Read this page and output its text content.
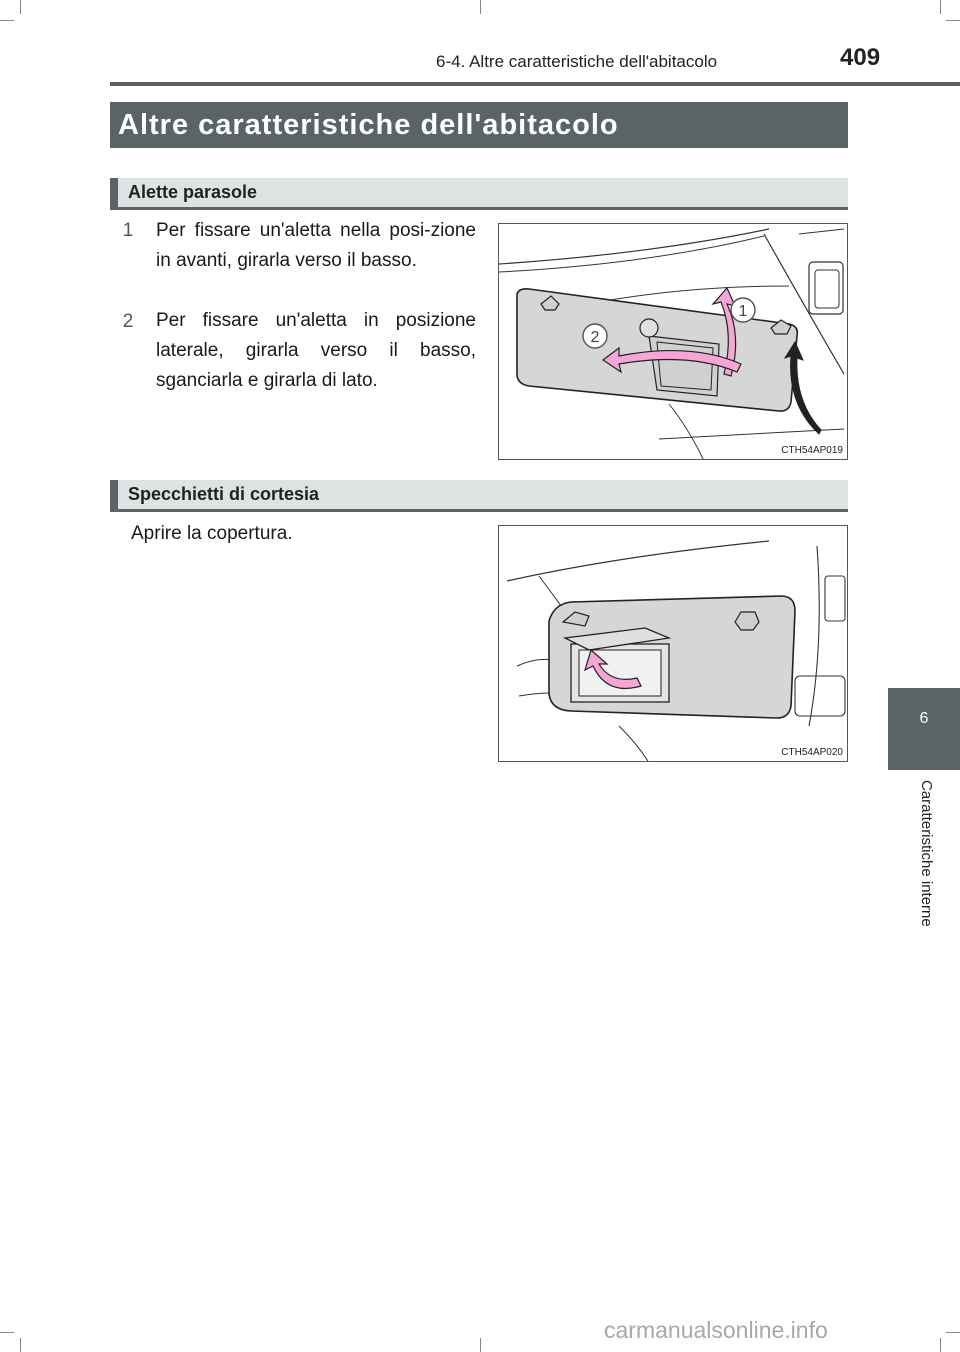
6-4. Altre caratteristiche dell'abitacolo	409
Altre caratteristiche dell'abitacolo
Alette parasole
1	Per fissare un'aletta nella posi-zione in avanti, girarla verso il basso.
2	Per fissare un'aletta in posizione laterale, girarla verso il basso, sganciarla e girarla di lato.
1
2
CTH54AP019
Specchietti di cortesia
Aprire la copertura.
CTH54AP020
6
Caratteristiche interne
carmanualsonline.info
